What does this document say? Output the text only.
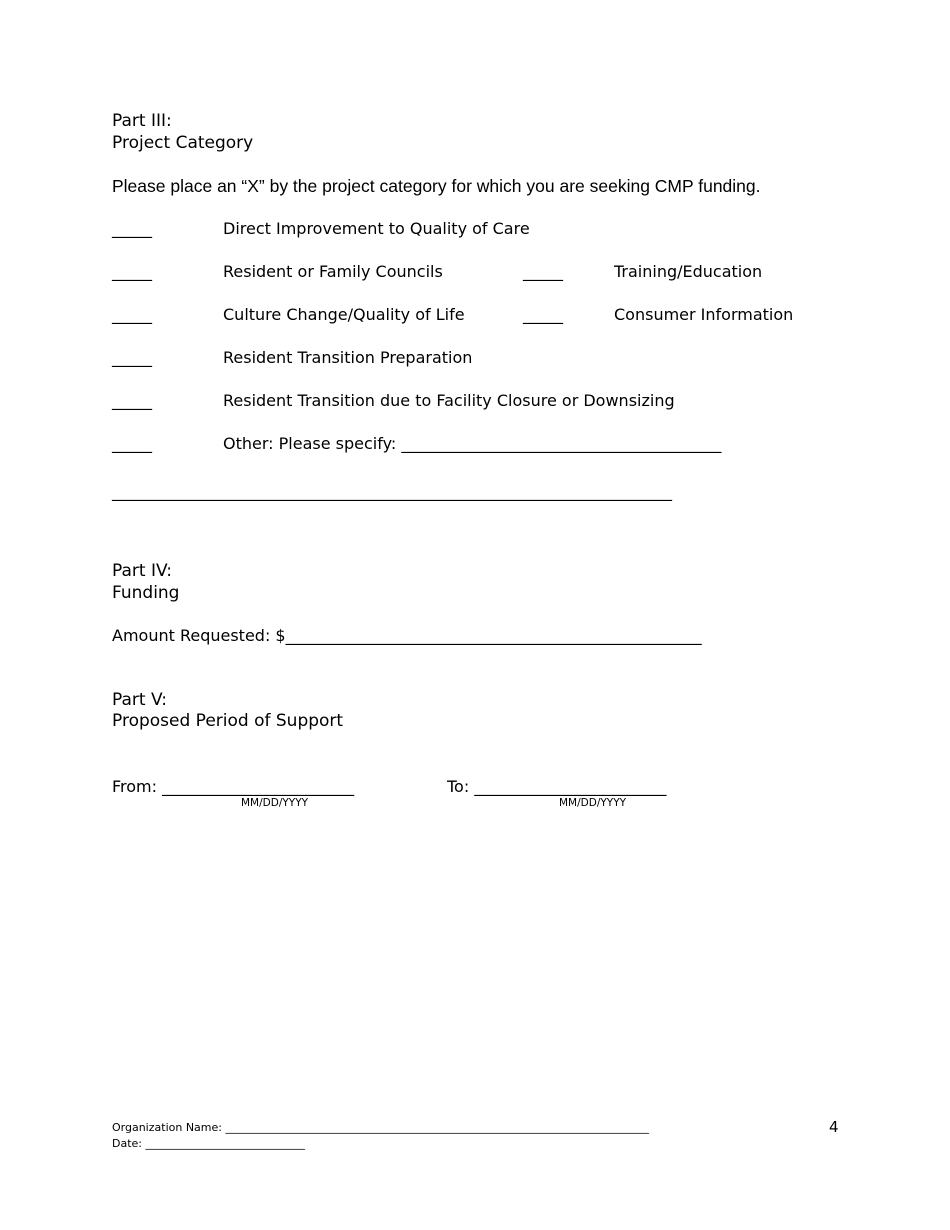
Part III:
Project Category
Please place an “X” by the project category for which you are seeking CMP funding.
_____	Direct Improvement to Quality of Care
_____	Resident or Family Councils	_____	Training/Education
_____	Culture Change/Quality of Life	_____	Consumer Information
_____	Resident Transition Preparation
_____	Resident Transition due to Facility Closure or Downsizing
_____	Other: Please specify: ________________________________________
______________________________________________________________________
Part IV:
Funding
Amount Requested: $____________________________________________________
Part V:
Proposed Period of Support
From: ________________________
MM/DD/YYYY
To: ________________________
MM/DD/YYYY
Organization Name: _____________________________________________________________________________
Date: _____________________________
4
